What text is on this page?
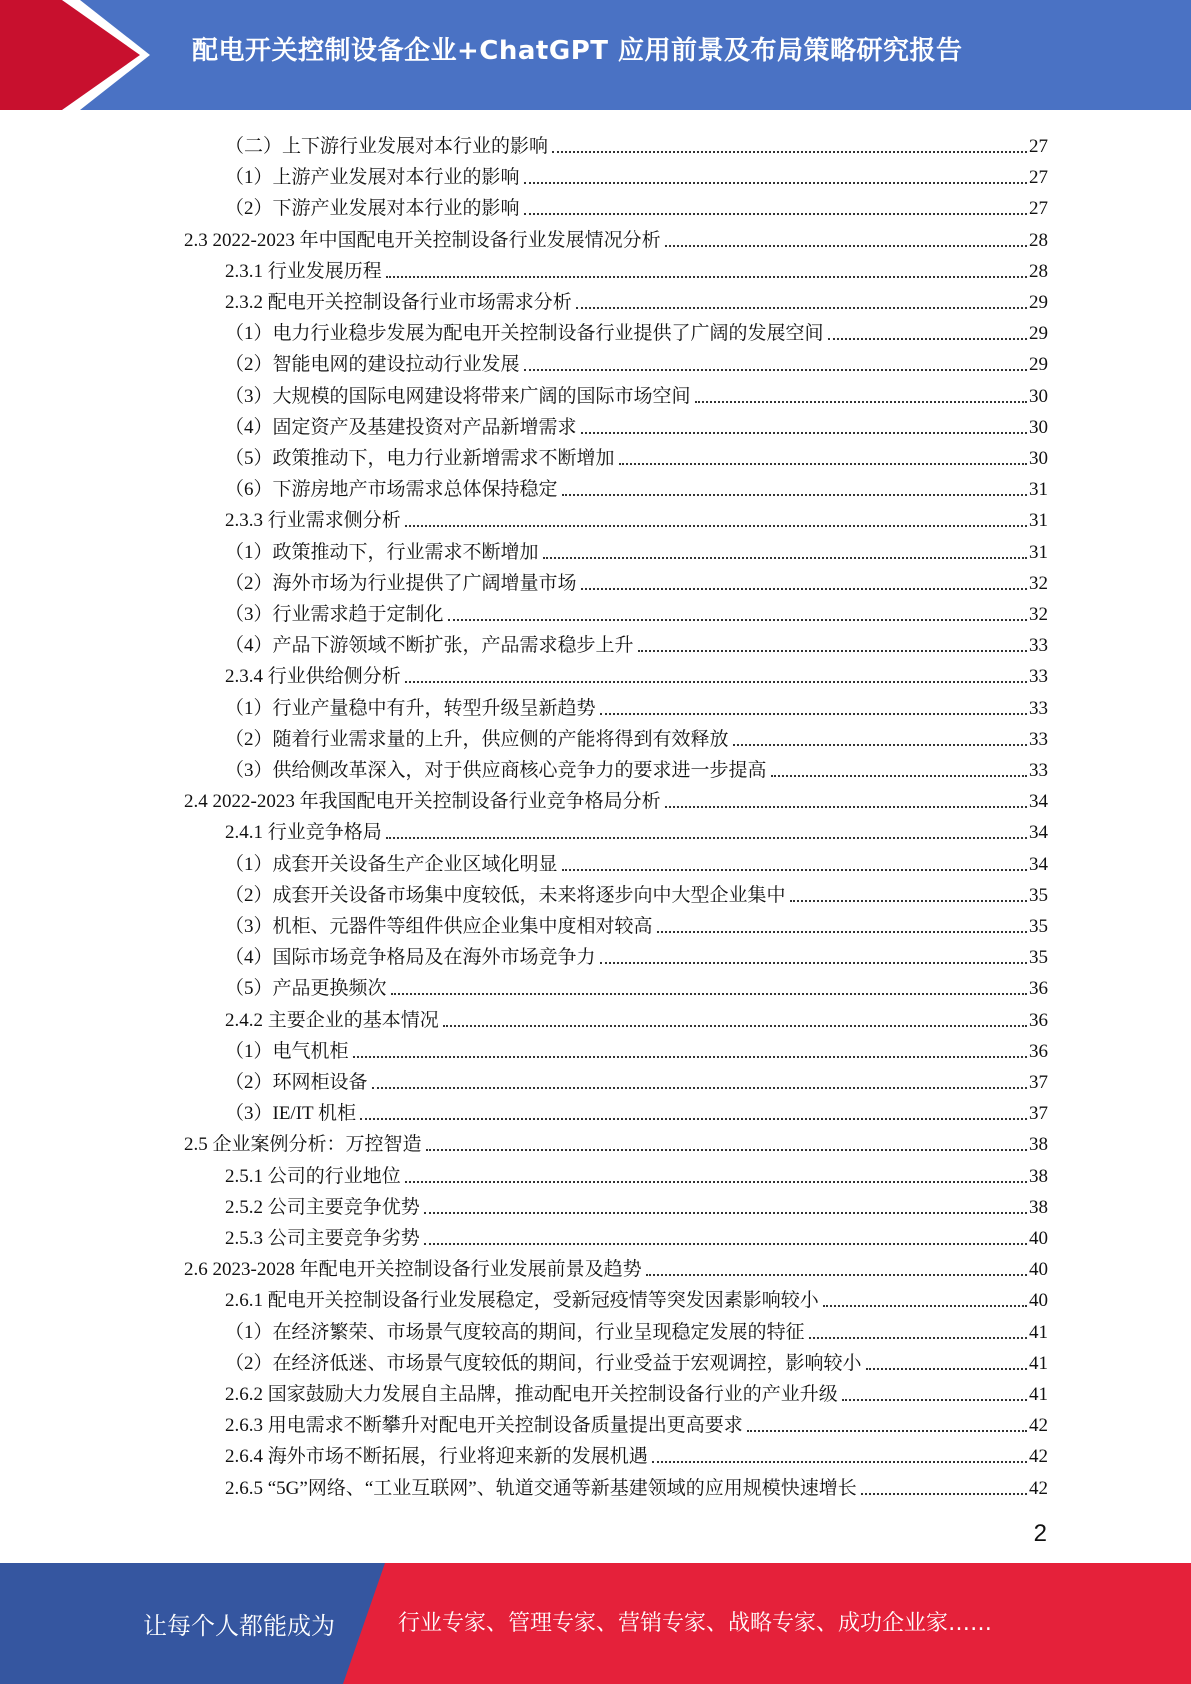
配电开关控制设备企业+ChatGPT 应用前景及布局策略研究报告
（二）上下游行业发展对本行业的影响	27
（1）上游产业发展对本行业的影响	27
（2）下游产业发展对本行业的影响	27
2.3 2022-2023 年中国配电开关控制设备行业发展情况分析	28
2.3.1 行业发展历程	28
2.3.2 配电开关控制设备行业市场需求分析	29
（1）电力行业稳步发展为配电开关控制设备行业提供了广阔的发展空间	29
（2）智能电网的建设拉动行业发展	29
（3）大规模的国际电网建设将带来广阔的国际市场空间	30
（4）固定资产及基建投资对产品新增需求	30
（5）政策推动下，电力行业新增需求不断增加	30
（6）下游房地产市场需求总体保持稳定	31
2.3.3 行业需求侧分析	31
（1）政策推动下，行业需求不断增加	31
（2）海外市场为行业提供了广阔增量市场	32
（3）行业需求趋于定制化	32
（4）产品下游领域不断扩张，产品需求稳步上升	33
2.3.4 行业供给侧分析	33
（1）行业产量稳中有升，转型升级呈新趋势	33
（2）随着行业需求量的上升，供应侧的产能将得到有效释放	33
（3）供给侧改革深入，对于供应商核心竞争力的要求进一步提高	33
2.4 2022-2023 年我国配电开关控制设备行业竞争格局分析	34
2.4.1 行业竞争格局	34
（1）成套开关设备生产企业区域化明显	34
（2）成套开关设备市场集中度较低，未来将逐步向中大型企业集中	35
（3）机柜、元器件等组件供应企业集中度相对较高	35
（4）国际市场竞争格局及在海外市场竞争力	35
（5）产品更换频次	36
2.4.2 主要企业的基本情况	36
（1）电气机柜	36
（2）环网柜设备	37
（3）IE/IT 机柜	37
2.5 企业案例分析：万控智造	38
2.5.1 公司的行业地位	38
2.5.2 公司主要竞争优势	38
2.5.3 公司主要竞争劣势	40
2.6 2023-2028 年配电开关控制设备行业发展前景及趋势	40
2.6.1 配电开关控制设备行业发展稳定，受新冠疫情等突发因素影响较小	40
（1）在经济繁荣、市场景气度较高的期间，行业呈现稳定发展的特征	41
（2）在经济低迷、市场景气度较低的期间，行业受益于宏观调控，影响较小	41
2.6.2 国家鼓励大力发展自主品牌，推动配电开关控制设备行业的产业升级	41
2.6.3 用电需求不断攀升对配电开关控制设备质量提出更高要求	42
2.6.4 海外市场不断拓展，行业将迎来新的发展机遇	42
2.6.5 “5G”网络、“工业互联网”、轨道交通等新基建领域的应用规模快速增长	42
2
让每个人都能成为	行业专家、管理专家、营销专家、战略专家、成功企业家……
